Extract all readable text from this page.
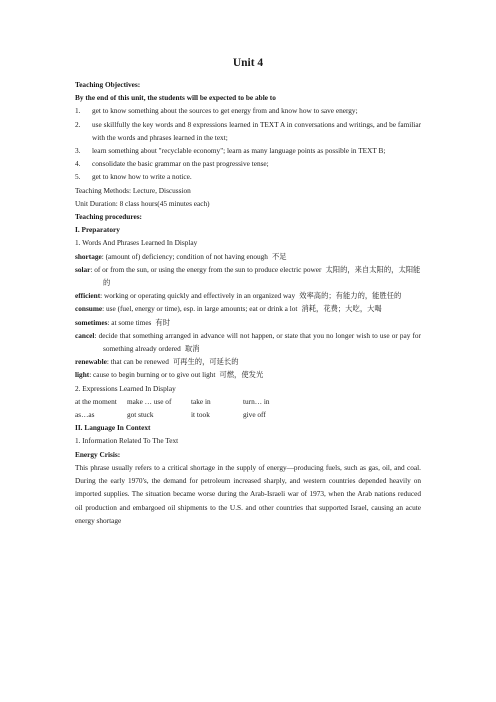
Unit 4

Teaching Objectives:

By the end of this unit, the students will be expected to be able to

1. get to know something about the sources to get energy from and know how to save energy;
2. use skillfully the key words and 8 expressions learned in TEXT A in conversations and writings, and be familiar with the words and phrases learned in the text;
3. learn something about "recyclable economy"; learn as many language points as possible in TEXT B;
4. consolidate the basic grammar on the past progressive tense;
5. get to know how to write a notice.

Teaching Methods: Lecture, Discussion

Unit Duration: 8 class hours(45 minutes each)

Teaching procedures:

I. Preparatory

1. Words And Phrases Learned In Display

shortage: (amount of) deficiency; condition of not having enough 不足

solar: of or from the sun, or using the energy from the sun to produce electric power 太阳的，来自太阳的，太阳能的

efficient: working or operating quickly and effectively in an organized way 效率高的；有能力的，能胜任的

consume: use (fuel, energy or time), esp. in large amounts; eat or drink a lot 消耗，花费；大吃，大喝

sometimes: at some times 有时

cancel: decide that something arranged in advance will not happen, or state that you no longer wish to use or pay for something already ordered 取消

renewable: that can be renewed 可再生的，可延长的

light: cause to begin burning or to give out light 可燃，使发光

2. Expressions Learned In Display

at the moment	make … use of	take in	turn… in
as…as	got stuck	it took	give off

II. Language In Context

1. Information Related To The Text

Energy Crisis:

This phrase usually refers to a critical shortage in the supply of energy—producing fuels, such as gas, oil, and coal. During the early 1970's, the demand for petroleum increased sharply, and western countries depended heavily on imported supplies. The situation became worse during the Arab-Israeli war of 1973, when the Arab nations reduced oil production and embargoed oil shipments to the U.S. and other countries that supported Israel, causing an acute energy shortage
